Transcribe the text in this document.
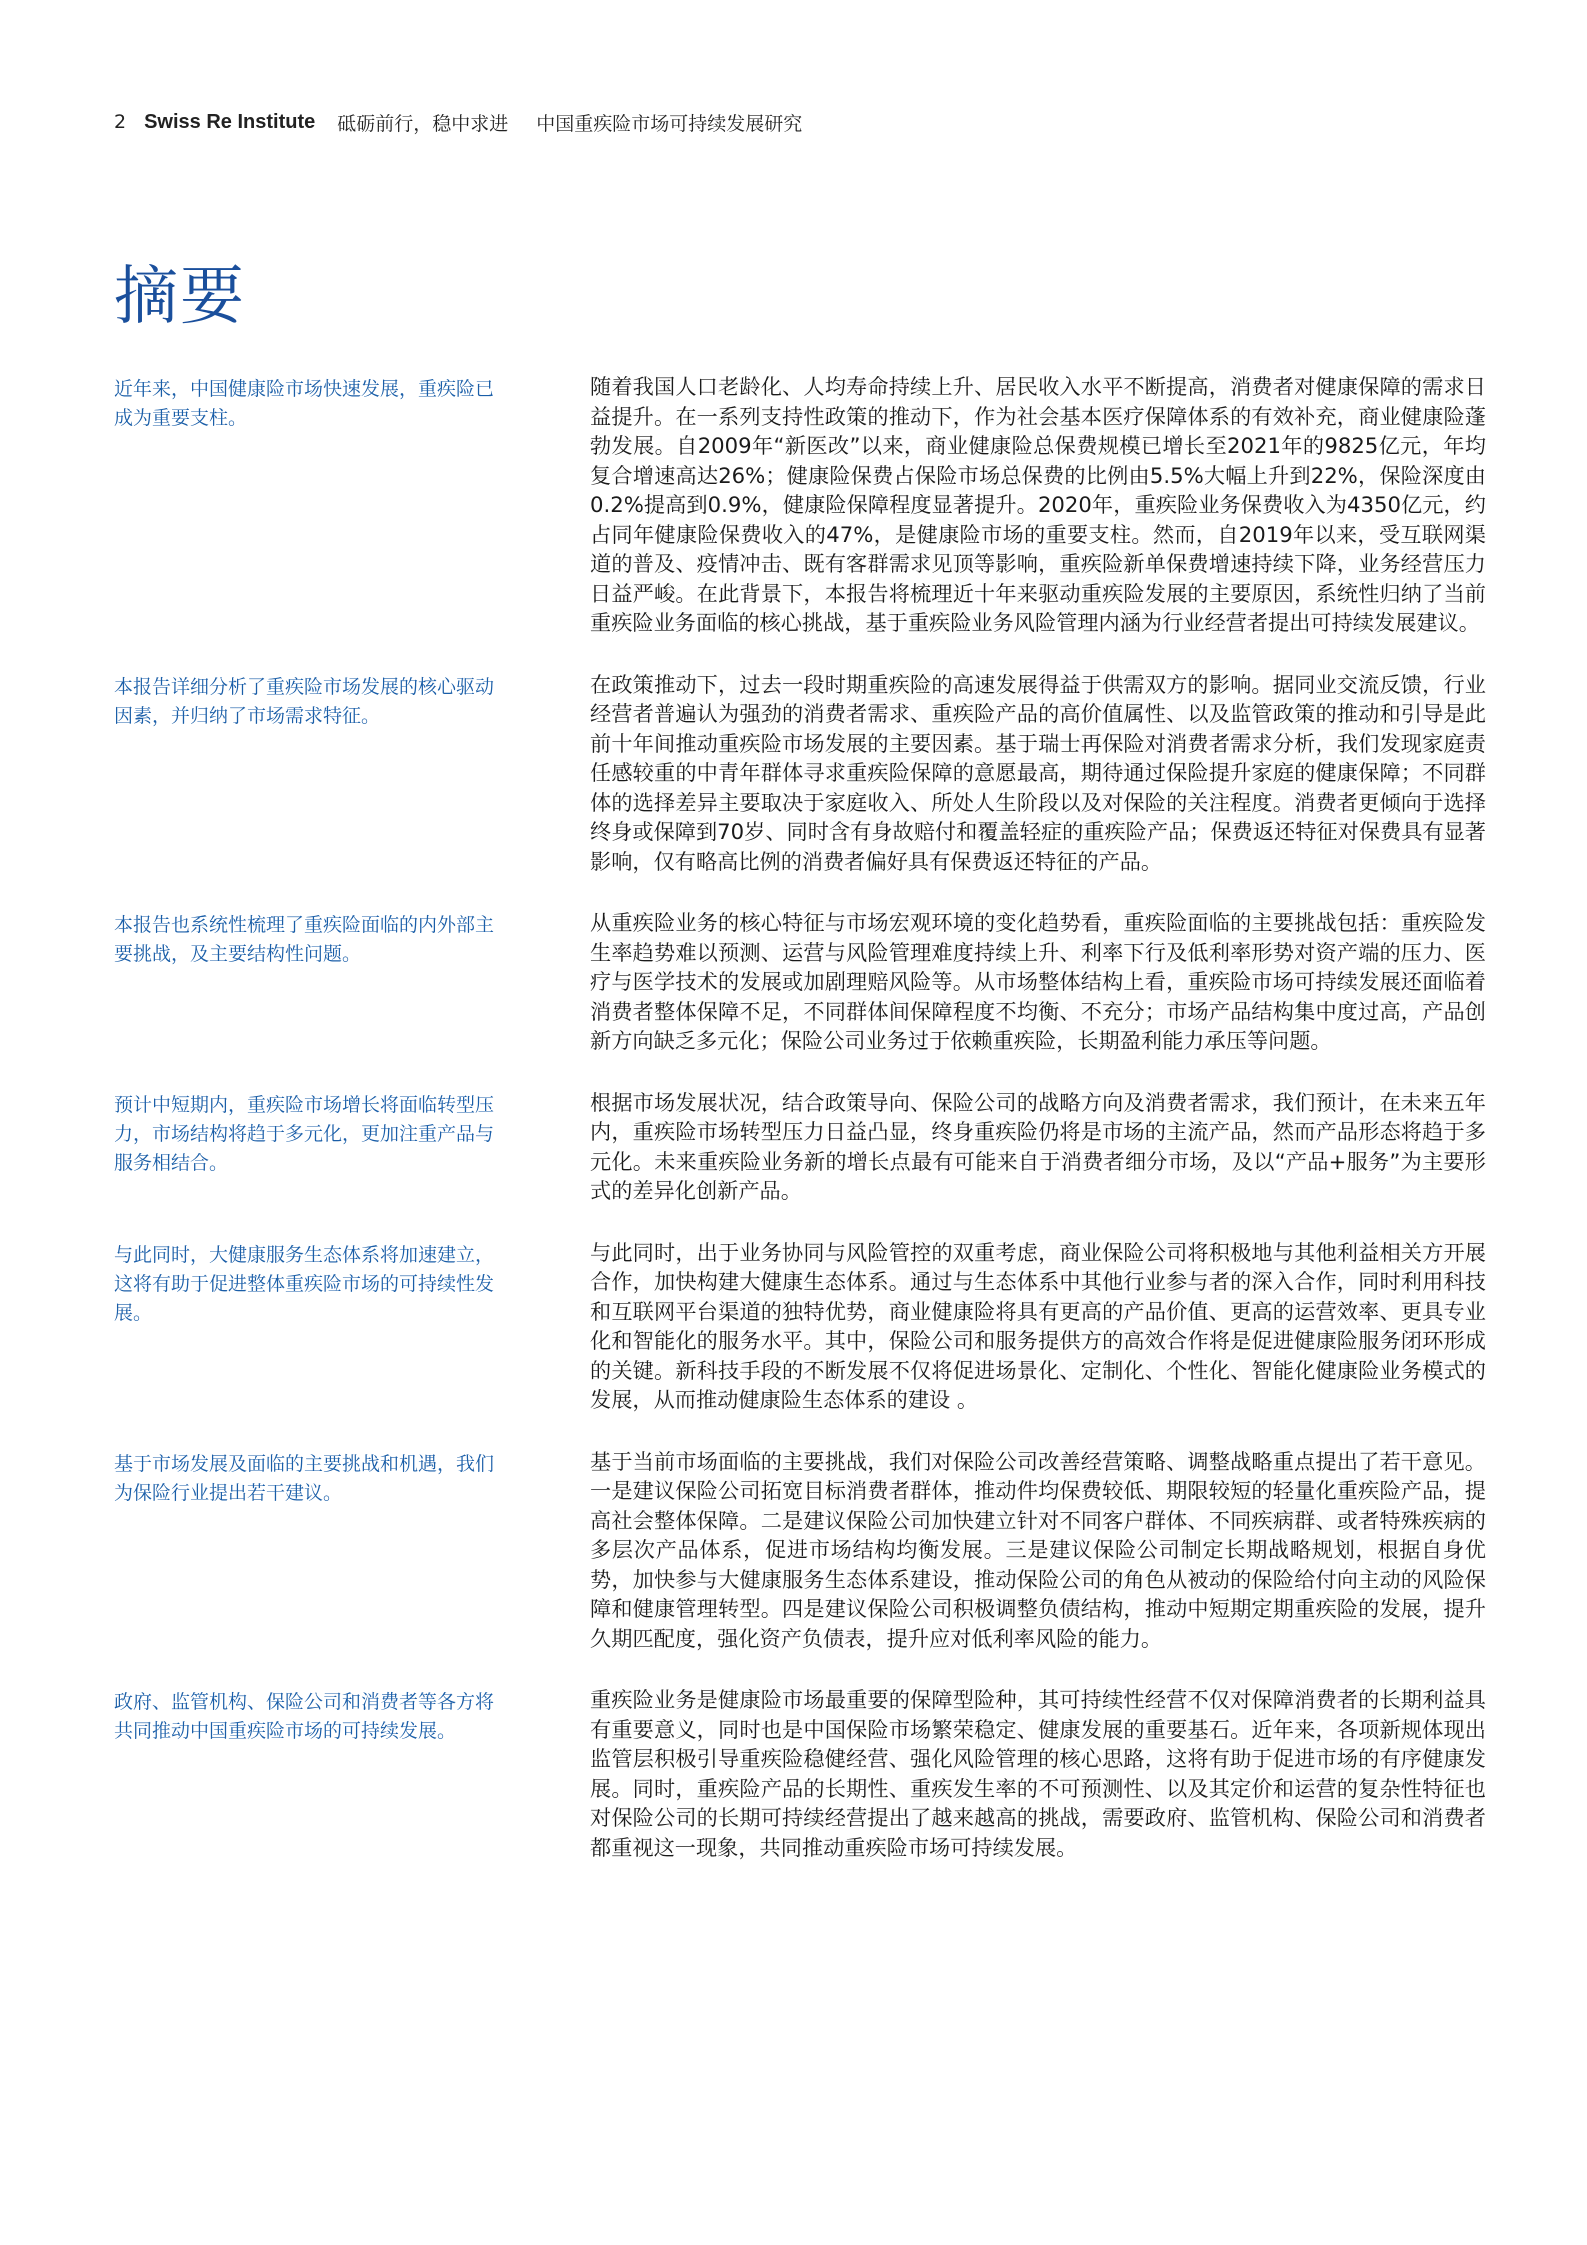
2 Swiss Re Institute 砥砺前行，稳中求进 中国重疾险市场可持续发展研究
摘要

近年来，中国健康险市场快速发展，重疾险已成为重要支柱。

随着我国人口老龄化、人均寿命持续上升、居民收入水平不断提高，消费者对健康保障的需求日益提升。在一系列支持性政策的推动下，作为社会基本医疗保障体系的有效补充，商业健康险蓬勃发展。自2009年“新医改”以来，商业健康险总保费规模已增长至2021年的9825亿元，年均复合增速高达26%；健康险保费占保险市场总保费的比例由5.5%大幅上升到22%，保险深度由0.2%提高到0.9%，健康险保障程度显著提升。2020年，重疾险业务保费收入为4350亿元，约占同年健康险保费收入的47%，是健康险市场的重要支柱。然而，自2019年以来，受互联网渠道的普及、疫情冲击、既有客群需求见顶等影响，重疾险新单保费增速持续下降，业务经营压力日益严峻。在此背景下，本报告将梳理近十年来驱动重疾险发展的主要原因，系统性归纳了当前重疾险业务面临的核心挑战，基于重疾险业务风险管理内涵为行业经营者提出可持续发展建议。

本报告详细分析了重疾险市场发展的核心驱动因素，并归纳了市场需求特征。

在政策推动下，过去一段时期重疾险的高速发展得益于供需双方的影响。据同业交流反馈，行业经营者普遍认为强劲的消费者需求、重疾险产品的高价值属性、以及监管政策的推动和引导是此前十年间推动重疾险市场发展的主要因素。基于瑞士再保险对消费者需求分析，我们发现家庭责任感较重的中青年群体寻求重疾险保障的意愿最高，期待通过保险提升家庭的健康保障；不同群体的选择差异主要取决于家庭收入、所处人生阶段以及对保险的关注程度。消费者更倾向于选择终身或保障到70岁、同时含有身故赔付和覆盖轻症的重疾险产品；保费返还特征对保费具有显著影响，仅有略高比例的消费者偏好具有保费返还特征的产品。

本报告也系统性梳理了重疾险面临的内外部主要挑战，及主要结构性问题。

从重疾险业务的核心特征与市场宏观环境的变化趋势看，重疾险面临的主要挑战包括：重疾险发生率趋势难以预测、运营与风险管理难度持续上升、利率下行及低利率形势对资产端的压力、医疗与医学技术的发展或加剧理赔风险等。从市场整体结构上看，重疾险市场可持续发展还面临着消费者整体保障不足，不同群体间保障程度不均衡、不充分；市场产品结构集中度过高，产品创新方向缺乏多元化；保险公司业务过于依赖重疾险，长期盈利能力承压等问题。

预计中短期内，重疾险市场增长将面临转型压力，市场结构将趋于多元化，更加注重产品与服务相结合。

根据市场发展状况，结合政策导向、保险公司的战略方向及消费者需求，我们预计，在未来五年内，重疾险市场转型压力日益凸显，终身重疾险仍将是市场的主流产品，然而产品形态将趋于多元化。未来重疾险业务新的增长点最有可能来自于消费者细分市场，及以“产品+服务”为主要形式的差异化创新产品。

与此同时，大健康服务生态体系将加速建立，这将有助于促进整体重疾险市场的可持续性发展。

与此同时，出于业务协同与风险管控的双重考虑，商业保险公司将积极地与其他利益相关方开展合作，加快构建大健康生态体系。通过与生态体系中其他行业参与者的深入合作，同时利用科技和互联网平台渠道的独特优势，商业健康险将具有更高的产品价值、更高的运营效率、更具专业化和智能化的服务水平。其中，保险公司和服务提供方的高效合作将是促进健康险服务闭环形成的关键。新科技手段的不断发展不仅将促进场景化、定制化、个性化、智能化健康险业务模式的发展，从而推动健康险生态体系的建设 。

基于市场发展及面临的主要挑战和机遇，我们为保险行业提出若干建议。

基于当前市场面临的主要挑战，我们对保险公司改善经营策略、调整战略重点提出了若干意见。一是建议保险公司拓宽目标消费者群体，推动件均保费较低、期限较短的轻量化重疾险产品，提高社会整体保障。二是建议保险公司加快建立针对不同客户群体、不同疾病群、或者特殊疾病的多层次产品体系，促进市场结构均衡发展。三是建议保险公司制定长期战略规划，根据自身优势，加快参与大健康服务生态体系建设，推动保险公司的角色从被动的保险给付向主动的风险保障和健康管理转型。四是建议保险公司积极调整负债结构，推动中短期定期重疾险的发展，提升久期匹配度，强化资产负债表，提升应对低利率风险的能力。

政府、监管机构、保险公司和消费者等各方将共同推动中国重疾险市场的可持续发展。

重疾险业务是健康险市场最重要的保障型险种，其可持续性经营不仅对保障消费者的长期利益具有重要意义，同时也是中国保险市场繁荣稳定、健康发展的重要基石。近年来，各项新规体现出监管层积极引导重疾险稳健经营、强化风险管理的核心思路，这将有助于促进市场的有序健康发展。同时，重疾险产品的长期性、重疾发生率的不可预测性、以及其定价和运营的复杂性特征也对保险公司的长期可持续经营提出了越来越高的挑战，需要政府、监管机构、保险公司和消费者都重视这一现象，共同推动重疾险市场可持续发展。
